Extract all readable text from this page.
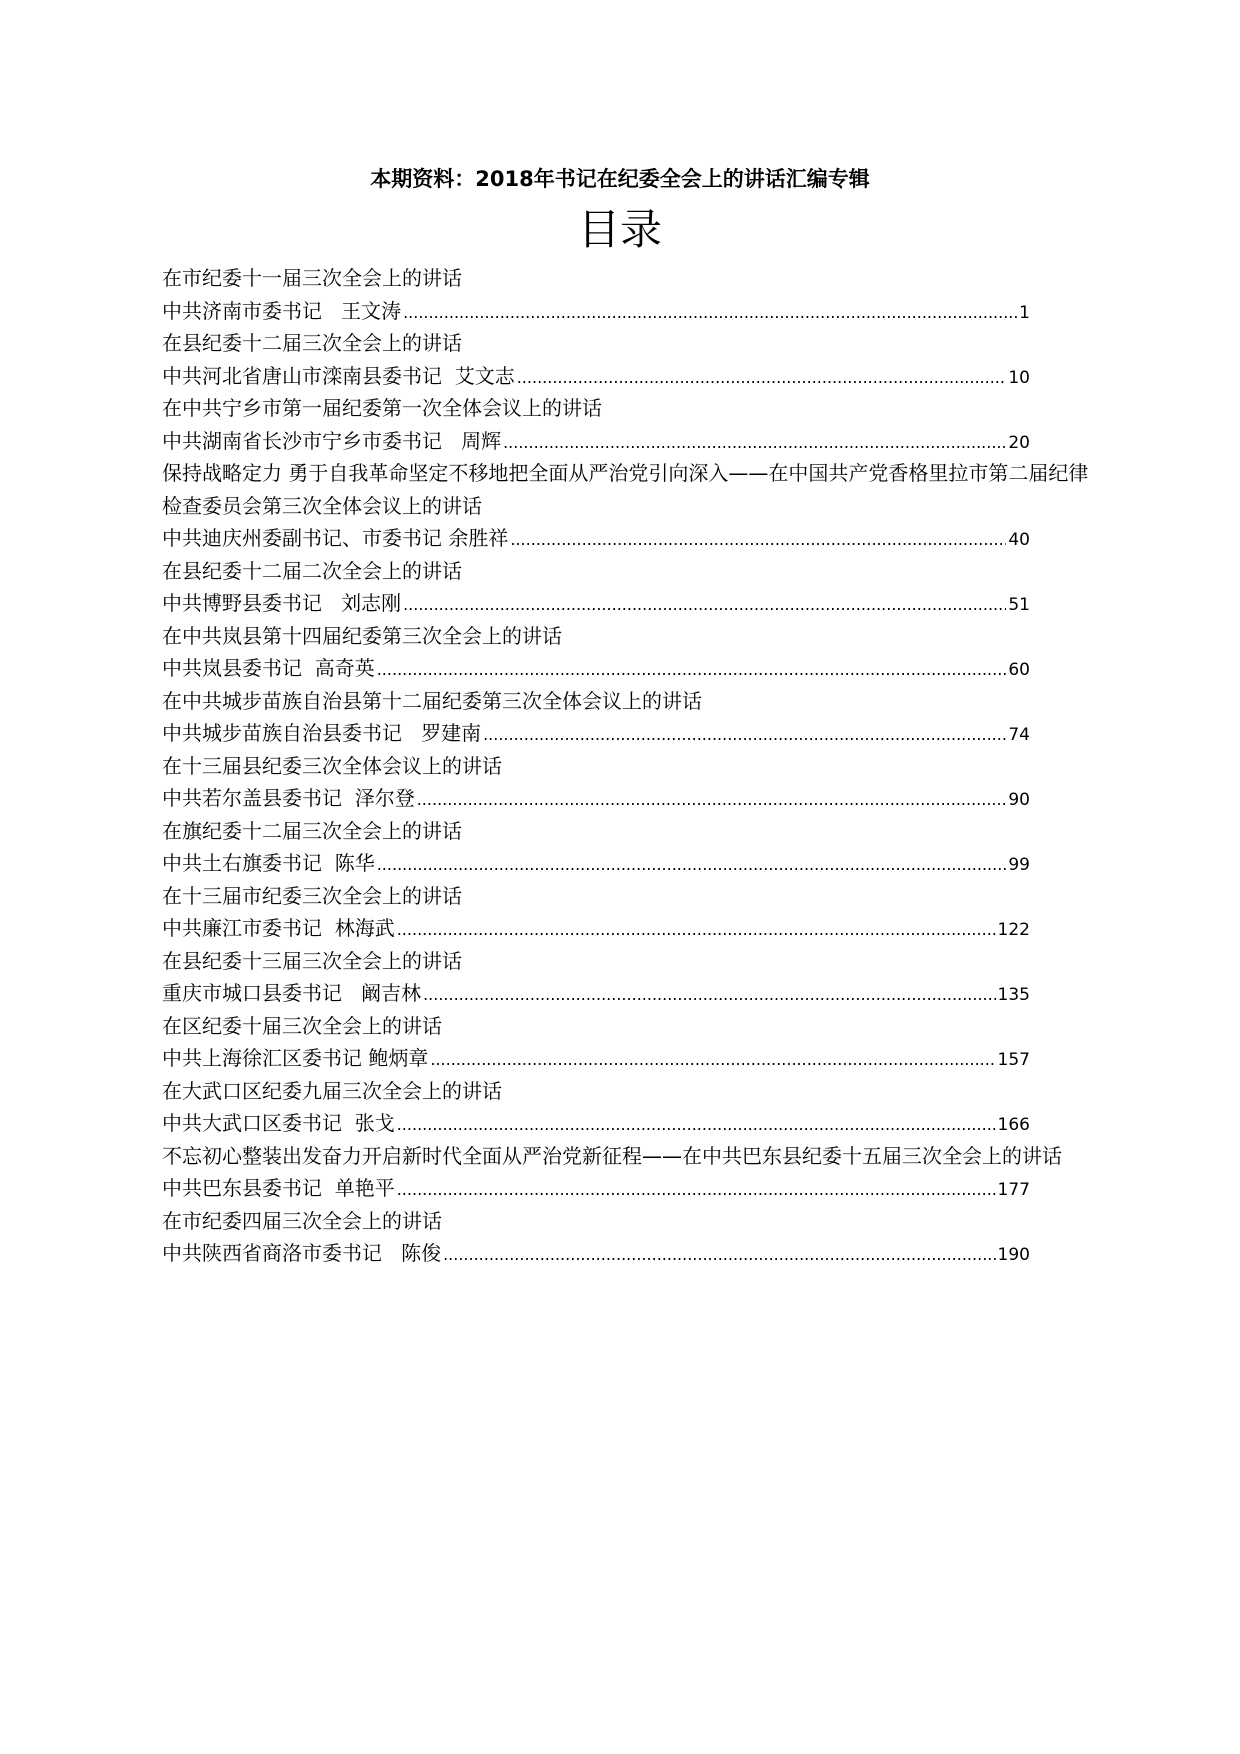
本期资料：2018年书记在纪委全会上的讲话汇编专辑
目录
在市纪委十一届三次全会上的讲话
中共济南市委书记   王文涛 .....	1
在县纪委十二届三次全会上的讲话
中共河北省唐山市滦南县委书记  艾文志 .....	10
在中共宁乡市第一届纪委第一次全体会议上的讲话
中共湖南省长沙市宁乡市委书记   周辉 .....	20
保持战略定力 勇于自我革命坚定不移地把全面从严治党引向深入——在中国共产党香格里拉市第二届纪律检查委员会第三次全体会议上的讲话
中共迪庆州委副书记、市委书记 余胜祥 .....	40
在县纪委十二届二次全会上的讲话
中共博野县委书记   刘志刚 .....	51
在中共岚县第十四届纪委第三次全会上的讲话
中共岚县委书记  高奇英 .....	60
在中共城步苗族自治县第十二届纪委第三次全体会议上的讲话
中共城步苗族自治县委书记   罗建南 .....	74
在十三届县纪委三次全体会议上的讲话
中共若尔盖县委书记  泽尔登 .....	90
在旗纪委十二届三次全会上的讲话
中共土右旗委书记  陈华 .....	99
在十三届市纪委三次全会上的讲话
中共廉江市委书记  林海武 .....	122
在县纪委十三届三次全会上的讲话
重庆市城口县委书记   阚吉林 .....	135
在区纪委十届三次全会上的讲话
中共上海徐汇区委书记 鲍炳章 .....	157
在大武口区纪委九届三次全会上的讲话
中共大武口区委书记  张戈 .....	166
不忘初心整装出发奋力开启新时代全面从严治党新征程——在中共巴东县纪委十五届三次全会上的讲话
中共巴东县委书记  单艳平 .....	177
在市纪委四届三次全会上的讲话
中共陕西省商洛市委书记   陈俊 .....	190
